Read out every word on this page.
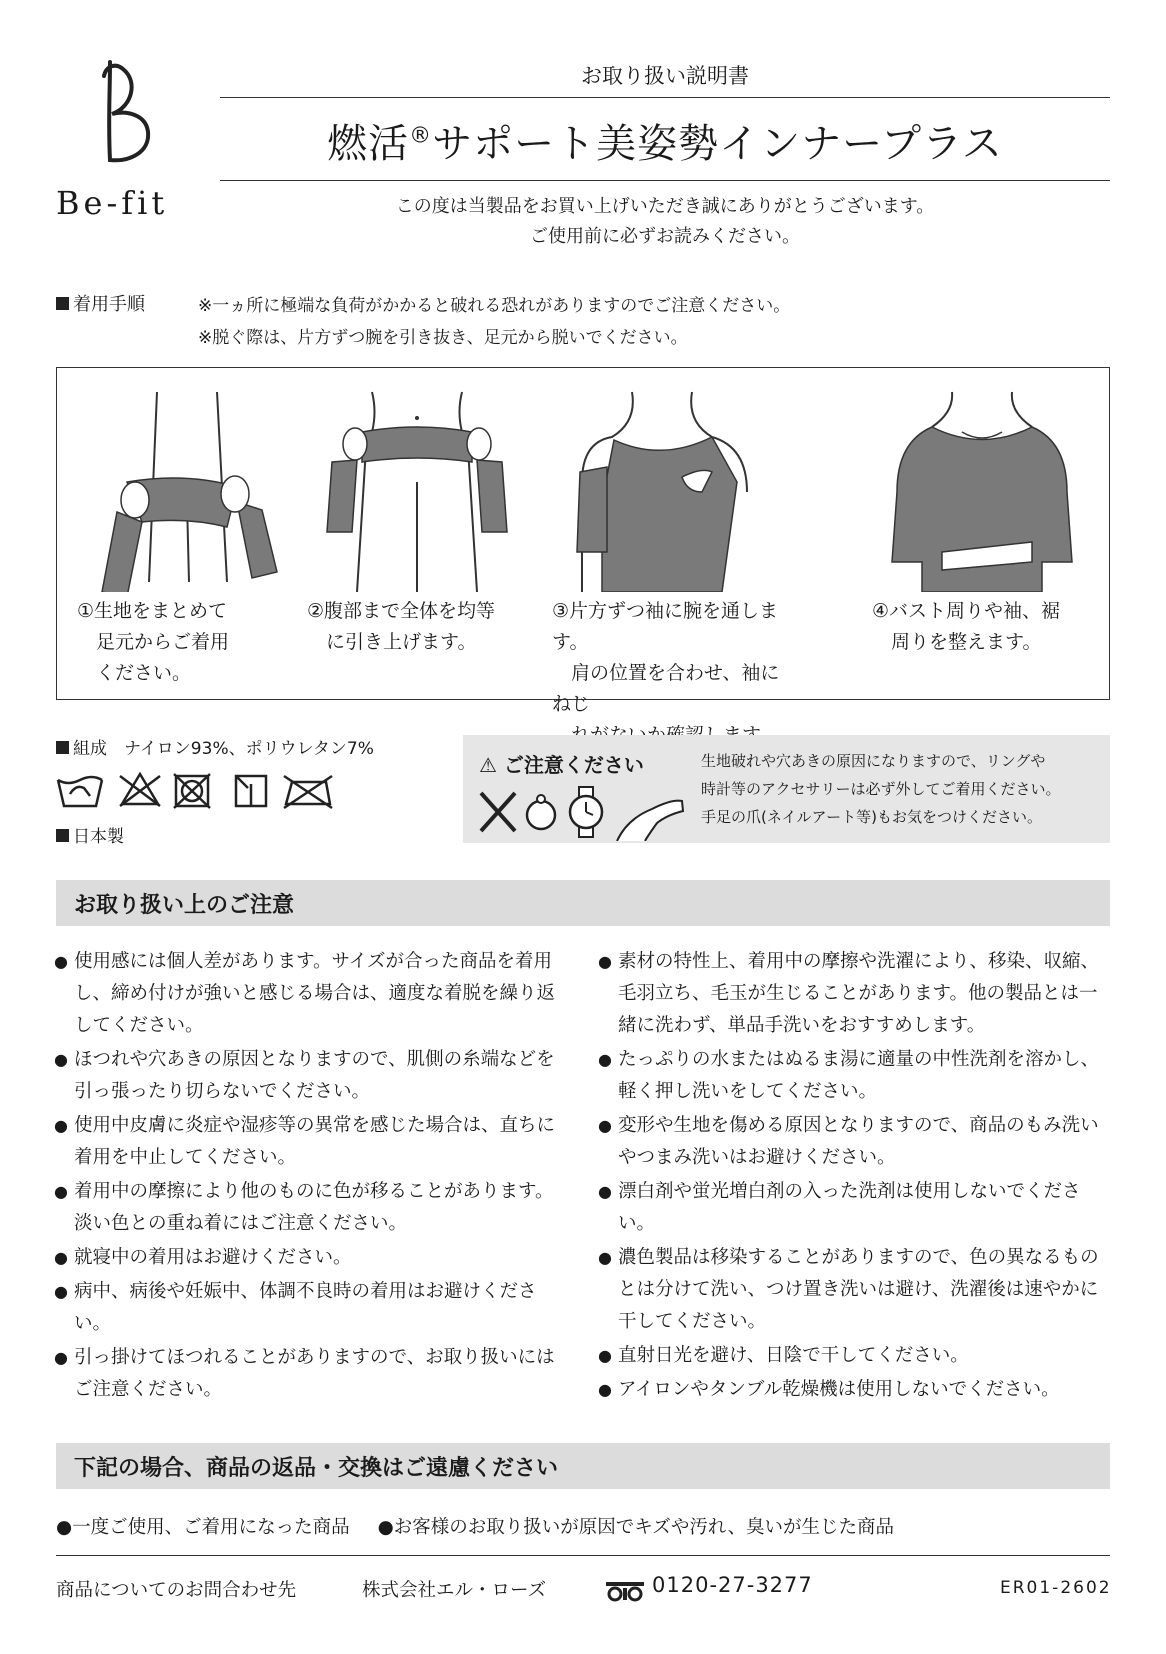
Be-fit
お取り扱い説明書
燃活®サポート美姿勢インナープラス
この度は当製品をお買い上げいただき誠にありがとうございます。
ご使用前に必ずお読みください。
着用手順	※一ヵ所に極端な負荷がかかると破れる恐れがありますのでご注意ください。
※脱ぐ際は、片方ずつ腕を引き抜き、足元から脱いでください。
①生地をまとめて
　足元からご着用
　ください。
②腹部まで全体を均等
　に引き上げます。
③片方ずつ袖に腕を通します。
　肩の位置を合わせ、袖にねじ

④バスト周りや袖、裾
　周りを整えます。
組成　ナイロン93%、ポリウレタン7%
日本製
⚠ ご注意ください	生地破れや穴あきの原因になりますので、リングや
時計等のアクセサリーは必ず外してご着用ください。
手足の爪(ネイルアート等)もお気をつけください。
お取り扱い上のご注意
● 使用感には個人差があります。サイズが合った商品を着用し、締め付けが強いと感じる場合は、適度な着脱を繰り返してください。
● ほつれや穴あきの原因となりますので、肌側の糸端などを引っ張ったり切らないでください。
● 使用中皮膚に炎症や湿疹等の異常を感じた場合は、直ちに着用を中止してください。
● 着用中の摩擦により他のものに色が移ることがあります。淡い色との重ね着にはご注意ください。
● 就寝中の着用はお避けください。
● 病中、病後や妊娠中、体調不良時の着用はお避けください。
● 引っ掛けてほつれることがありますので、お取り扱いにはご注意ください。
● 素材の特性上、着用中の摩擦や洗濯により、移染、収縮、毛羽立ち、毛玉が生じることがあります。他の製品とは一緒に洗わず、単品手洗いをおすすめします。
● たっぷりの水またはぬるま湯に適量の中性洗剤を溶かし、軽く押し洗いをしてください。
● 変形や生地を傷める原因となりますので、商品のもみ洗いやつまみ洗いはお避けください。
● 漂白剤や蛍光増白剤の入った洗剤は使用しないでください。
● 濃色製品は移染することがありますので、色の異なるものとは分けて洗い、つけ置き洗いは避け、洗濯後は速やかに干してください。
● 直射日光を避け、日陰で干してください。
● アイロンやタンブル乾燥機は使用しないでください。
下記の場合、商品の返品・交換はご遠慮ください
●一度ご使用、ご着用になった商品 ●お客様のお取り扱いが原因でキズや汚れ、臭いが生じた商品
商品についてのお問合わせ先	株式会社エル・ローズ	0120-27-3277	ER01-2602
